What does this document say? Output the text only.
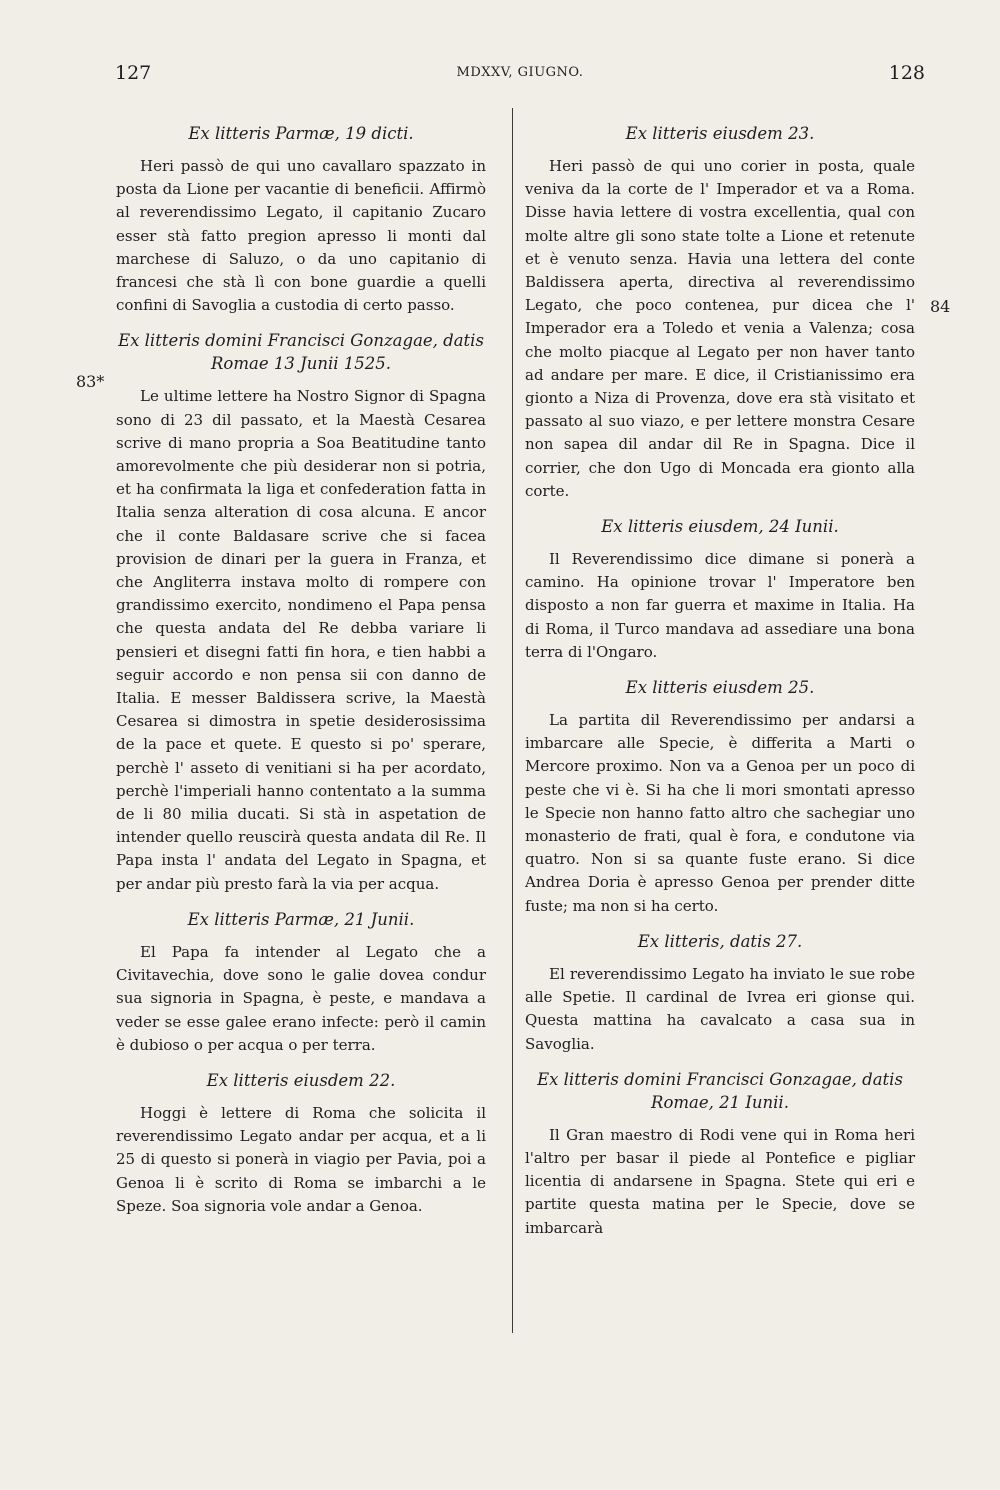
127	MDXXV, GIUGNO.	128
83*
84
Ex litteris Parmæ, 19 dicti.

Heri passò de qui uno cavallaro spazzato in posta da Lione per vacantie di beneficii. Affirmò al reverendissimo Legato, il capitanio Zucaro esser stà fatto pregion apresso li monti dal marchese di Saluzo, o da uno capitanio di francesi che stà lì con bone guardie a quelli confini di Savoglia a custodia di certo passo.

Ex litteris domini Francisci Gonzagae, datis Romae 13 Junii 1525.

Le ultime lettere ha Nostro Signor di Spagna sono di 23 dil passato, et la Maestà Cesarea scrive di mano propria a Soa Beatitudine tanto amorevolmente che più desiderar non si potria, et ha confirmata la liga et confederation fatta in Italia senza alteration di cosa alcuna. E ancor che il conte Baldasare scrive che si facea provision de dinari per la guera in Franza, et che Angliterra instava molto di rompere con grandissimo exercito, nondimeno el Papa pensa che questa andata del Re debba variare li pensieri et disegni fatti fin hora, e tien habbi a seguir accordo e non pensa sii con danno de Italia. E messer Baldissera scrive, la Maestà Cesarea si dimostra in spetie desiderosissima de la pace et quete. E questo si po' sperare, perchè l' asseto di venitiani si ha per acordato, perchè l'imperiali hanno contentato a la summa de li 80 milia ducati. Si stà in aspetation de intender quello reuscirà questa andata dil Re. Il Papa insta l' andata del Legato in Spagna, et per andar più presto farà la via per acqua.

Ex litteris Parmæ, 21 Junii.

El Papa fa intender al Legato che a Civitavechia, dove sono le galie dovea condur sua signoria in Spagna, è peste, e mandava a veder se esse galee erano infecte: però il camin è dubioso o per acqua o per terra.

Ex litteris eiusdem 22.

Hoggi è lettere di Roma che solicita il reverendissimo Legato andar per acqua, et a li 25 di questo si ponerà in viagio per Pavia, poi a Genoa li è scrito di Roma se imbarchi a le Speze. Soa signoria vole andar a Genoa.

Ex litteris eiusdem 23.

Heri passò de qui uno corier in posta, quale veniva da la corte de l' Imperador et va a Roma. Disse havia lettere di vostra excellentia, qual con molte altre gli sono state tolte a Lione et retenute et è venuto senza. Havia una lettera del conte Baldissera aperta, directiva al reverendissimo Legato, che poco contenea, pur dicea che l' Imperador era a Toledo et venia a Valenza; cosa che molto piacque al Legato per non haver tanto ad andare per mare. E dice, il Cristianissimo era gionto a Niza di Provenza, dove era stà visitato et passato al suo viazo, e per lettere monstra Cesare non sapea dil andar dil Re in Spagna. Dice il corrier, che don Ugo di Moncada era gionto alla corte.

Ex litteris eiusdem, 24 Iunii.

Il Reverendissimo dice dimane si ponerà a camino. Ha opinione trovar l' Imperatore ben disposto a non far guerra et maxime in Italia. Ha di Roma, il Turco mandava ad assediare una bona terra di l'Ongaro.

Ex litteris eiusdem 25.

La partita dil Reverendissimo per andarsi a imbarcare alle Specie, è differita a Marti o Mercore proximo. Non va a Genoa per un poco di peste che vi è. Si ha che li mori smontati apresso le Specie non hanno fatto altro che sachegiar uno monasterio de frati, qual è fora, e condutone via quatro. Non si sa quante fuste erano. Si dice Andrea Doria è apresso Genoa per prender ditte fuste; ma non si ha certo.

Ex litteris, datis 27.

El reverendissimo Legato ha inviato le sue robe alle Spetie. Il cardinal de Ivrea eri gionse qui. Questa mattina ha cavalcato a casa sua in Savoglia.

Ex litteris domini Francisci Gonzagae, datis Romae, 21 Iunii.

Il Gran maestro di Rodi vene qui in Roma heri l'altro per basar il piede al Pontefice e pigliar licentia di andarsene in Spagna. Stete qui eri e partite questa matina per le Specie, dove se imbarcarà
